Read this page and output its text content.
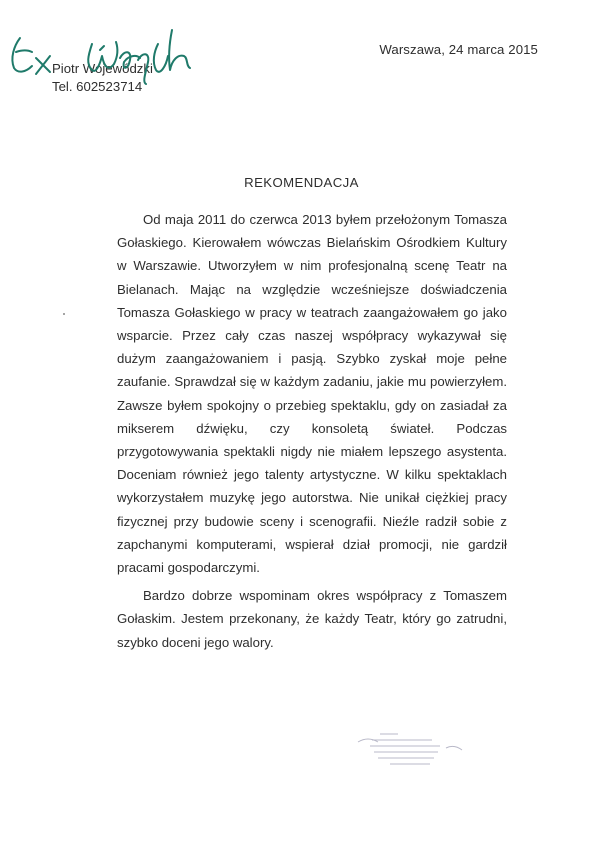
Warszawa, 24 marca 2015
Piotr Wojewódzki
Tel. 602523714
REKOMENDACJA

Od maja 2011 do czerwca 2013 byłem przełożonym Tomasza Gołaskiego. Kierowałem wówczas Bielańskim Ośrodkiem Kultury w Warszawie. Utworzyłem w nim profesjonalną scenę Teatr na Bielanach. Mając na względzie wcześniejsze doświadczenia Tomasza Gołaskiego w pracy w teatrach zaangażowałem go jako wsparcie. Przez cały czas naszej współpracy wykazywał się dużym zaangażowaniem i pasją. Szybko zyskał moje pełne zaufanie. Sprawdzał się w każdym zadaniu, jakie mu powierzyłem. Zawsze byłem spokojny o przebieg spektaklu, gdy on zasiadał za mikserem dźwięku, czy konsoletą świateł. Podczas przygotowywania spektakli nigdy nie miałem lepszego asystenta. Doceniam również jego talenty artystyczne. W kilku spektaklach wykorzystałem muzykę jego autorstwa. Nie unikał ciężkiej pracy fizycznej przy budowie sceny i scenografii. Nieźle radził sobie z zapchanymi komputerami, wspierał dział promocji, nie gardził pracami gospodarczymi.

Bardzo dobrze wspominam okres współpracy z Tomaszem Gołaskim. Jestem przekonany, że każdy Teatr, który go zatrudni, szybko doceni jego walory.
